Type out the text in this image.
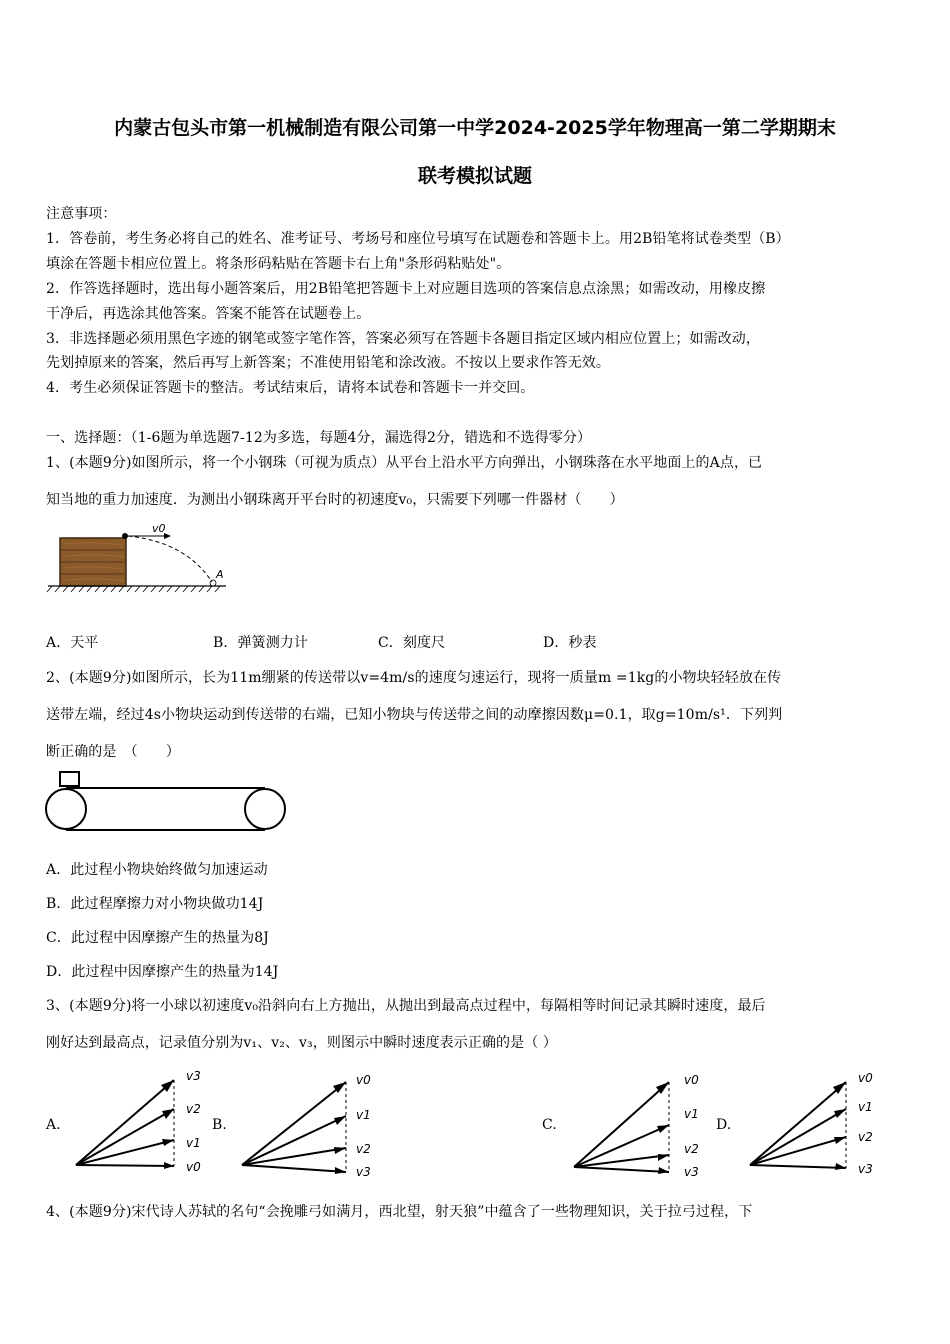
内蒙古包头市第一机械制造有限公司第一中学2024-2025学年物理高一第二学期期末
联考模拟试题
注意事项：
1．答卷前，考生务必将自己的姓名、准考证号、考场号和座位号填写在试题卷和答题卡上。用2B铅笔将试卷类型（B）
填涂在答题卡相应位置上。将条形码粘贴在答题卡右上角"条形码粘贴处"。
2．作答选择题时，选出每小题答案后，用2B铅笔把答题卡上对应题目选项的答案信息点涂黑；如需改动，用橡皮擦
干净后，再选涂其他答案。答案不能答在试题卷上。
3．非选择题必须用黑色字迹的钢笔或签字笔作答，答案必须写在答题卡各题目指定区域内相应位置上；如需改动，
先划掉原来的答案，然后再写上新答案；不准使用铅笔和涂改液。不按以上要求作答无效。
4．考生必须保证答题卡的整洁。考试结束后，请将本试卷和答题卡一并交回。
一、选择题：（1-6题为单选题7-12为多选，每题4分，漏选得2分，错选和不选得零分）
1、(本题9分)如图所示，将一个小钢珠（可视为质点）从平台上沿水平方向弹出，小钢珠落在水平地面上的A点，已
知当地的重力加速度．为测出小钢珠离开平台时的初速度v₀，只需要下列哪一件器材（　　）
v0
A
A．天平	B．弹簧测力计	C．刻度尺	D．秒表
2、(本题9分)如图所示，长为11m绷紧的传送带以v=4m/s的速度匀速运行，现将一质量m =1kg的小物块轻轻放在传
送带左端，经过4s小物块运动到传送带的右端，已知小物块与传送带之间的动摩擦因数μ=0.1，取g=10m/s¹．下列判
断正确的是　（　　）
A．此过程小物块始终做匀加速运动
B．此过程摩擦力对小物块做功14J
C．此过程中因摩擦产生的热量为8J
D．此过程中因摩擦产生的热量为14J
3、(本题9分)将一小球以初速度v₀沿斜向右上方抛出，从抛出到最高点过程中，每隔相等时间记录其瞬时速度，最后
刚好达到最高点，记录值分别为v₁、v₂、v₃，则图示中瞬时速度表示正确的是（ ）
A.	B.	C.	D.
v3
v2
v1
v0
v0
v1
v2
v3
v0
v1
v2
v3
v0
v1
v2
v3
4、(本题9分)宋代诗人苏轼的名句“会挽雕弓如满月，西北望，射天狼”中蕴含了一些物理知识，关于拉弓过程，下
